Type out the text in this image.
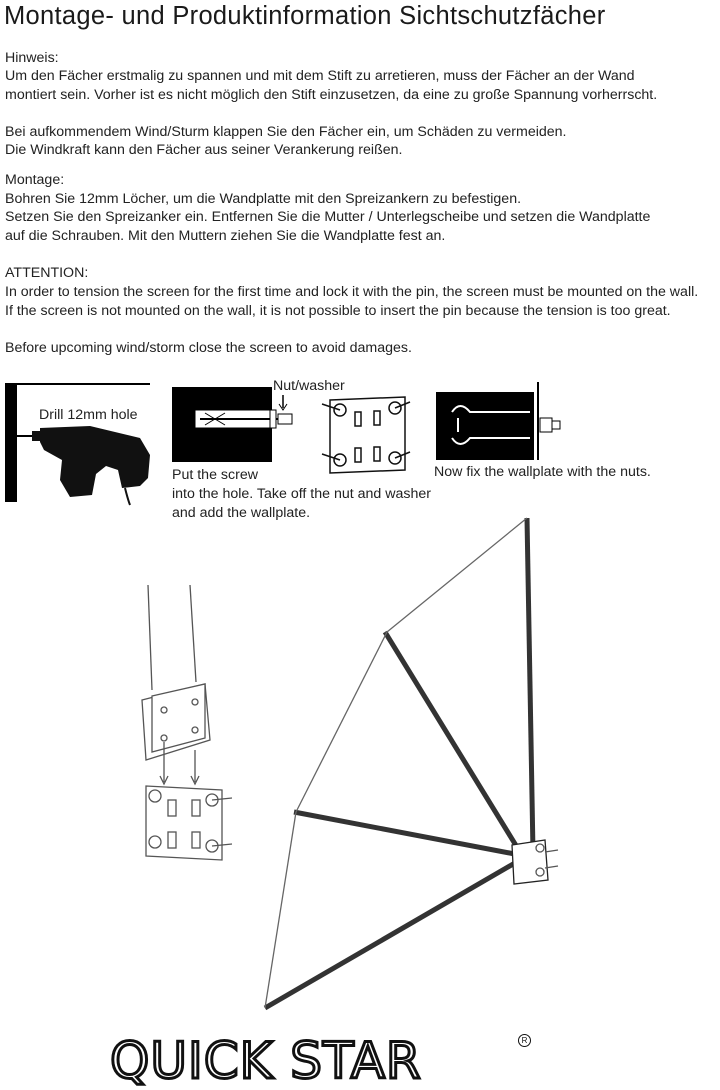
Montage- und Produktinformation Sichtschutzfächer
Hinweis:
Um den Fächer erstmalig zu spannen und mit dem Stift zu arretieren, muss der Fächer an der Wand
montiert sein. Vorher ist es nicht möglich den Stift einzusetzen, da eine zu große Spannung vorherrscht.
Bei aufkommendem Wind/Sturm klappen Sie den Fächer ein, um Schäden zu vermeiden.
Die Windkraft kann den Fächer aus seiner Verankerung reißen.
Montage:
Bohren Sie 12mm Löcher, um die Wandplatte mit den Spreizankern zu befestigen.
Setzen Sie den Spreizanker ein. Entfernen Sie die Mutter / Unterlegscheibe und setzen die Wandplatte
auf die Schrauben. Mit den Muttern ziehen Sie die Wandplatte fest an.
ATTENTION:
In order to tension the screen for the first time and lock it with the pin, the screen must be mounted on the wall.
If the screen is not mounted on the wall, it is not possible to insert the pin because the tension is too great.
Before upcoming wind/storm close the screen to avoid damages.
Drill 12mm hole
Nut/washer
Put the screw
into the hole. Take off the nut and washer
and add the wallplate.
Now fix the wallplate with the nuts.
QUICK STAR	R
